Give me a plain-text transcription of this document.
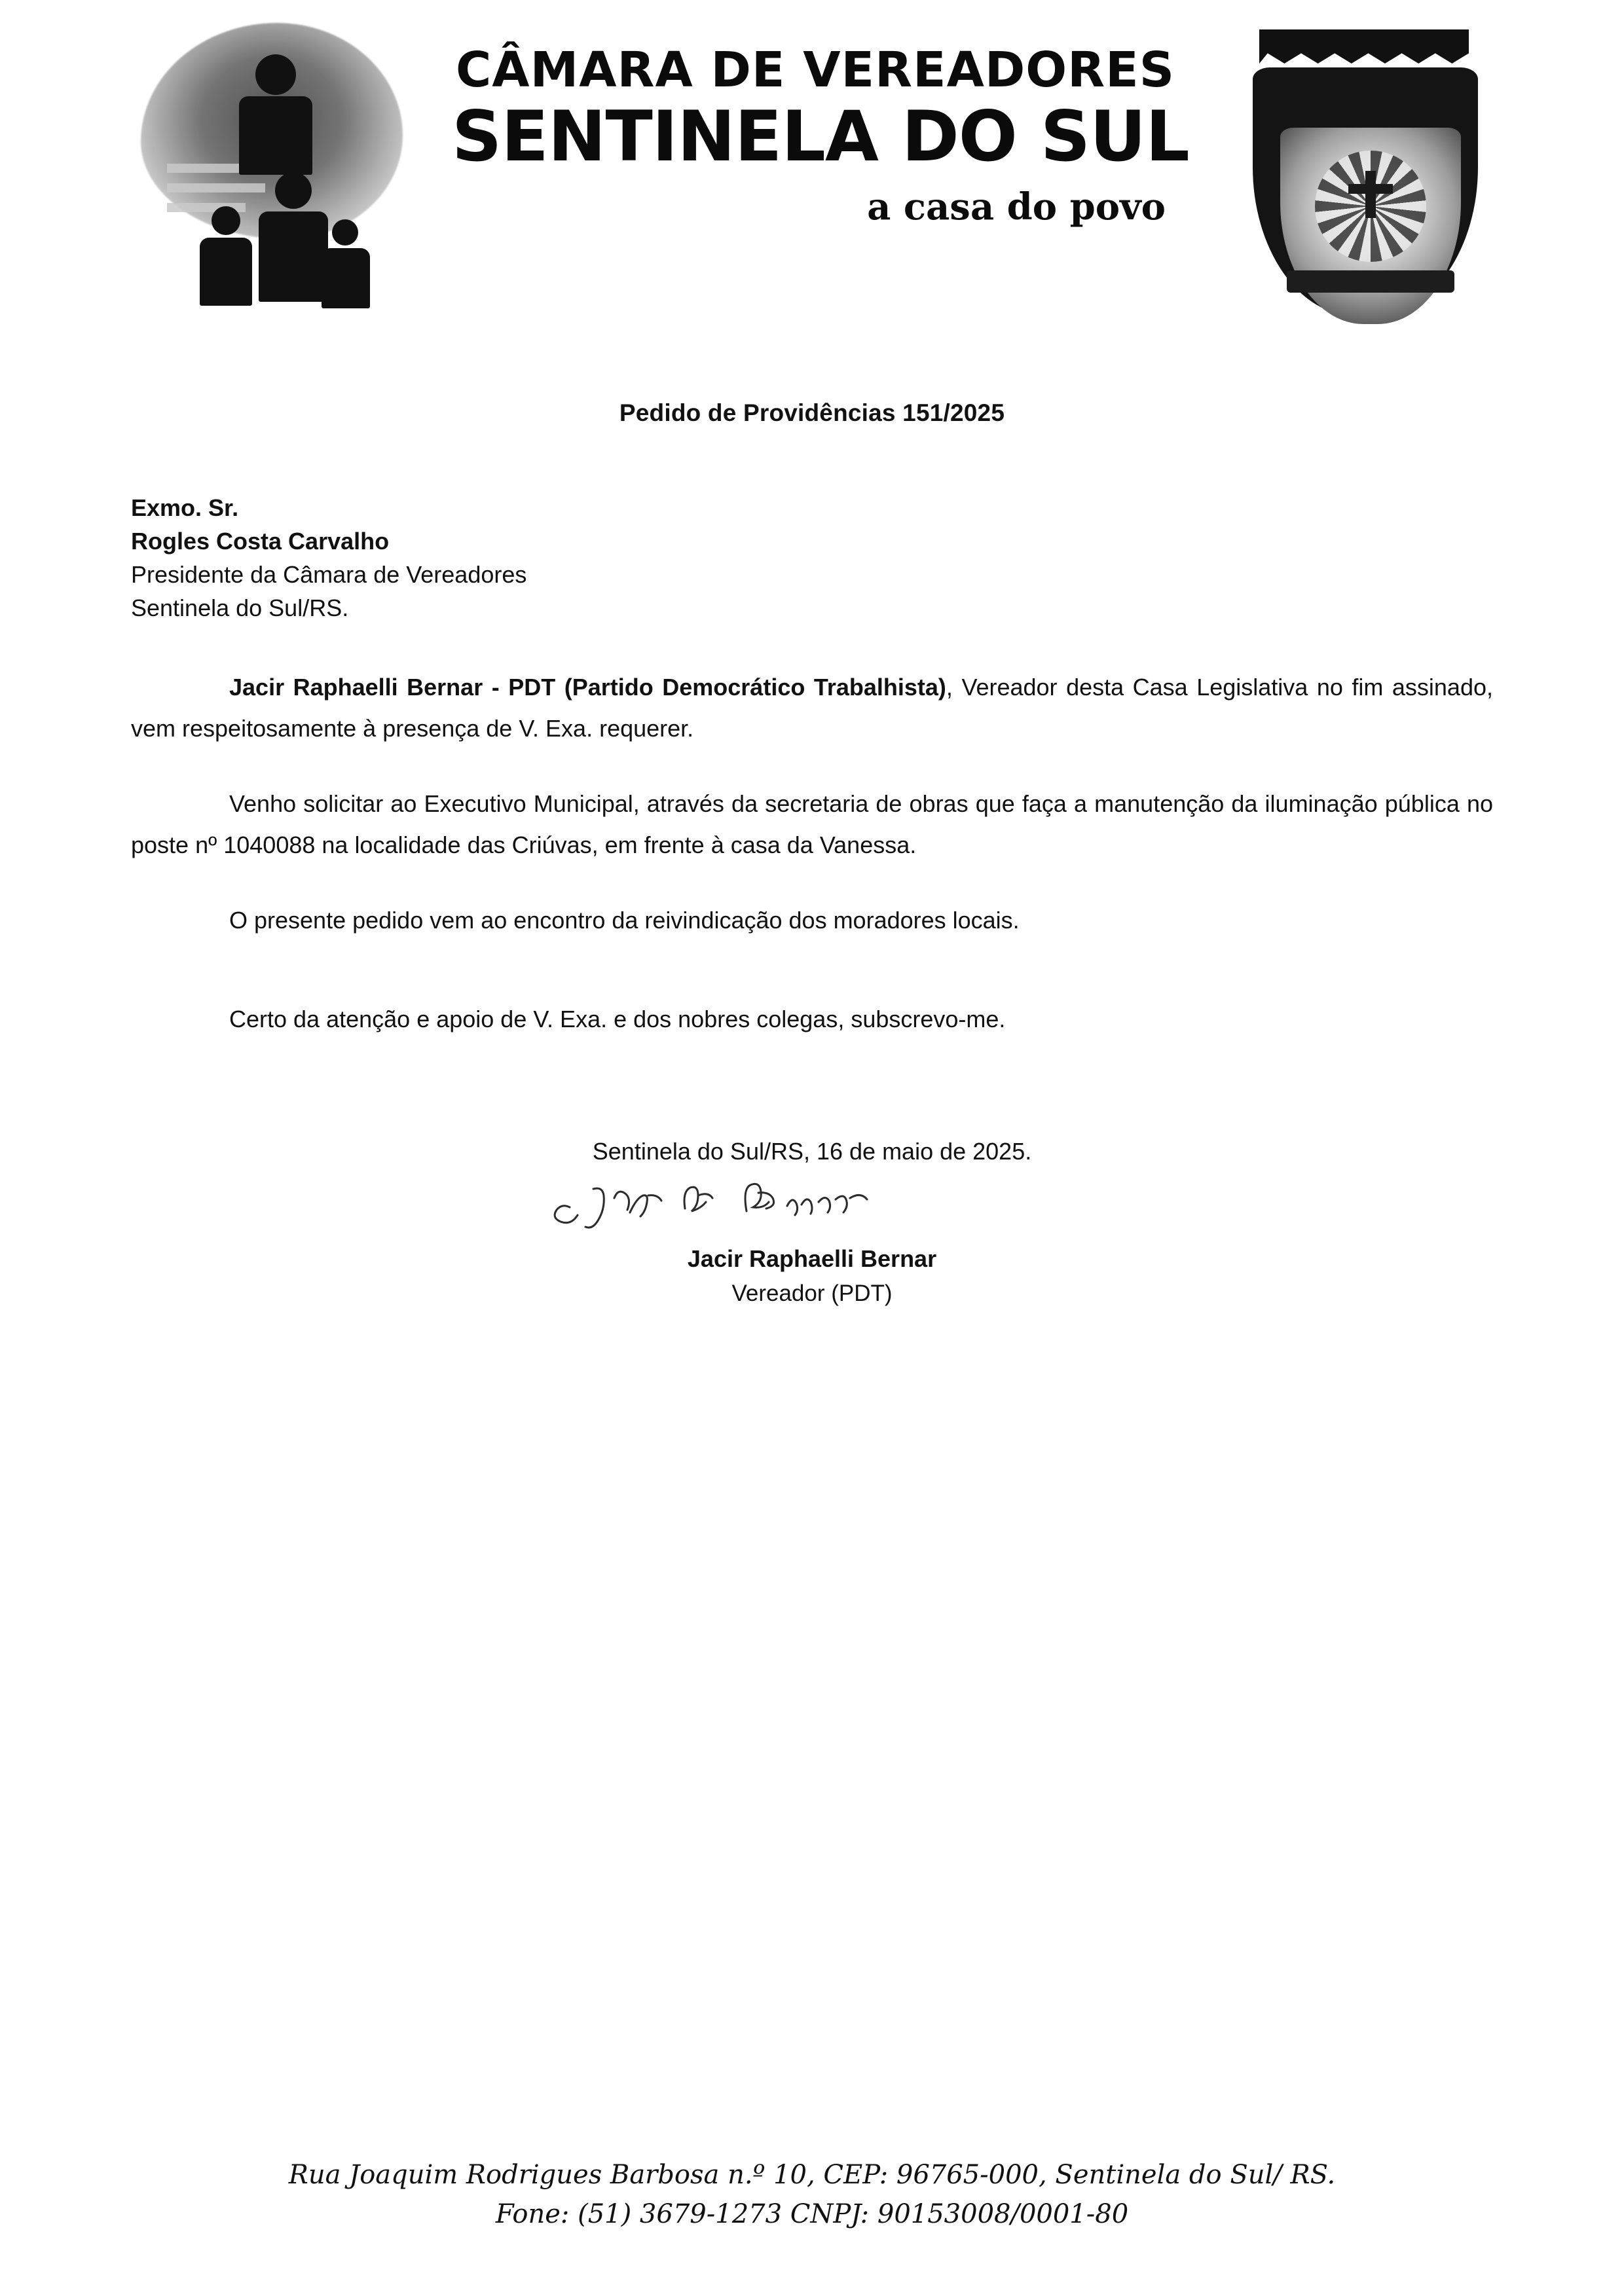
CÂMARA DE VEREADORES
SENTINELA DO SUL
a casa do povo
Pedido de Providências 151/2025
Exmo. Sr.
Rogles Costa Carvalho
Presidente da Câmara de Vereadores
Sentinela do Sul/RS.

Jacir Raphaelli Bernar - PDT (Partido Democrático Trabalhista), Vereador desta Casa Legislativa no fim assinado, vem respeitosamente à presença de V. Exa. requerer.

Venho solicitar ao Executivo Municipal, através da secretaria de obras que faça a manutenção da iluminação pública no poste nº 1040088 na localidade das Criúvas, em frente à casa da Vanessa.

O presente pedido vem ao encontro da reivindicação dos moradores locais.

Certo da atenção e apoio de V. Exa. e dos nobres colegas, subscrevo-me.

Sentinela do Sul/RS, 16 de maio de 2025.
Jacir Raphaelli Bernar
Vereador (PDT)
Rua Joaquim Rodrigues Barbosa n.º 10, CEP: 96765-000, Sentinela do Sul/ RS.
Fone: (51) 3679-1273 CNPJ: 90153008/0001-80
